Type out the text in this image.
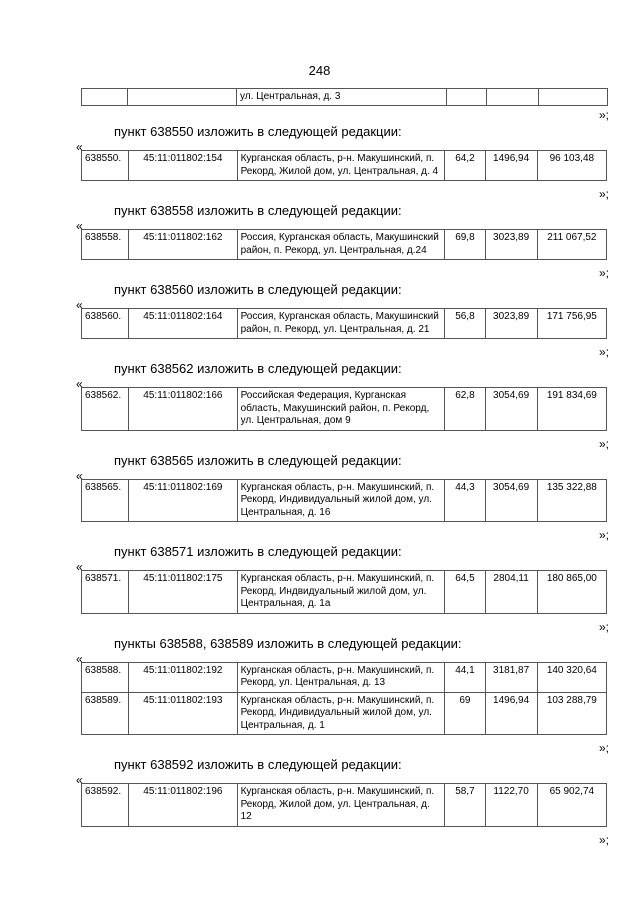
248
		ул. Центральная, д. 3			
»;
пункт 638550 изложить в следующей редакции:
«
638550.	45:11:011802:154	Курганская область, р-н. Макушинский, п. Рекорд, Жилой дом, ул. Центральная, д. 4	64,2	1496,94	96 103,48
»;
пункт 638558 изложить в следующей редакции:
«
638558.	45:11:011802:162	Россия, Курганская область, Макушинский район, п. Рекорд, ул. Центральная, д.24	69,8	3023,89	211 067,52
»;
пункт 638560 изложить в следующей редакции:
«
638560.	45:11:011802:164	Россия, Курганская область, Макушинский район, п. Рекорд, ул. Центральная, д. 21	56,8	3023,89	171 756,95
»;
пункт 638562 изложить в следующей редакции:
«
638562.	45:11:011802:166	Российская Федерация, Курганская область, Макушинский район, п. Рекорд, ул. Центральная, дом 9	62,8	3054,69	191 834,69
»;
пункт 638565 изложить в следующей редакции:
«
638565.	45:11:011802:169	Курганская область, р-н. Макушинский, п. Рекорд, Индивидуальный жилой дом, ул. Центральная, д. 16	44,3	3054,69	135 322,88
»;
пункт 638571 изложить в следующей редакции:
«
638571.	45:11:011802:175	Курганская область, р-н. Макушинский, п. Рекорд, Индвидуальный жилой дом, ул. Центральная, д. 1а	64,5	2804,11	180 865,00
»;
пункты 638588, 638589 изложить в следующей редакции:
«
638588.	45:11:011802:192	Курганская область, р-н. Макушинский, п. Рекорд, ул. Центральная, д. 13	44,1	3181,87	140 320,64
638589.	45:11:011802:193	Курганская область, р-н. Макушинский, п. Рекорд, Индивидуальный жилой дом, ул. Центральная, д. 1	69	1496,94	103 288,79
»;
пункт 638592 изложить в следующей редакции:
«
638592.	45:11:011802:196	Курганская область, р-н. Макушинский, п. Рекорд, Жилой дом, ул. Центральная, д. 12	58,7	1122,70	65 902,74
»;
